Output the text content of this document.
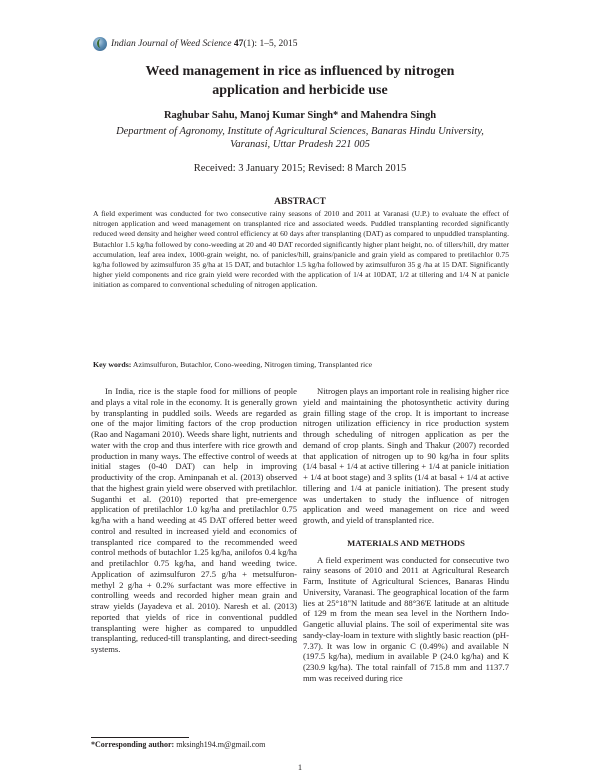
Indian Journal of Weed Science 47(1): 1–5, 2015
Weed management in rice as influenced by nitrogen
application and herbicide use

Raghubar Sahu, Manoj Kumar Singh* and Mahendra Singh

Department of Agronomy, Institute of Agricultural Sciences, Banaras Hindu University,
Varanasi, Uttar Pradesh 221 005

Received: 3 January 2015; Revised: 8 March 2015

ABSTRACT

A field experiment was conducted for two consecutive rainy seasons of 2010 and 2011 at Varanasi (U.P.) to evaluate the effect of nitrogen application and weed management on transplanted rice and associated weeds. Puddled transplanting recorded significantly reduced weed density and heigher weed control efficiency at 60 days after transplanting (DAT) as compared to unpuddled transplanting. Butachlor 1.5 kg/ha followed by cono-weeding at 20 and 40 DAT recorded significantly higher plant height, no. of tillers/hill, dry matter accumulation, leaf area index, 1000-grain weight, no. of panicles/hill, grains/panicle and grain yield as compared to pretilachlor 0.75 kg/ha followed by azimsulfuron 35 g/ha at 15 DAT, and butachlor 1.5 kg/ha followed by azimsulfuron 35 g /ha at 15 DAT. Significantly higher yield components and rice grain yield were recorded with the application of 1/4 at 10DAT, 1/2 at tillering and 1/4 N at panicle initiation as compared to conventional scheduling of nitrogen application.

Key words: Azimsulfuron, Butachlor, Cono-weeding, Nitrogen timing, Transplanted rice

In India, rice is the staple food for millions of people and plays a vital role in the economy. It is generally grown by transplanting in puddled soils. Weeds are regarded as one of the major limiting factors of the crop production (Rao and Nagamani 2010). Weeds share light, nutrients and water with the crop and thus interfere with rice growth and production in many ways. The effective control of weeds at initial stages (0-40 DAT) can help in improving productivity of the crop. Aminpanah et al. (2013) observed that the highest grain yield were observed with pretilachlor. Suganthi et al. (2010) reported that pre-emergence application of pretilachlor 1.0 kg/ha and pretilachlor 0.75 kg/ha with a hand weeding at 45 DAT offered better weed control and resulted in increased yield and economics of transplanted rice compared to the recommended weed control methods of butachlor 1.25 kg/ha, anilofos 0.4 kg/ha and pretilachlor 0.75 kg/ha, and hand weeding twice. Application of azimsulfuron 27.5 g/ha + metsulfuron-methyl 2 g/ha + 0.2% surfactant was more effective in controlling weeds and recorded higher mean grain and straw yields (Jayadeva et al. 2010). Naresh et al. (2013) reported that yields of rice in conventional puddled transplanting were higher as compared to unpuddled transplanting, reduced-till transplanting, and direct-seeding systems.

Nitrogen plays an important role in realising higher rice yield and maintaining the photosynthetic activity during grain filling stage of the crop. It is important to increase nitrogen utilization efficiency in rice production system through scheduling of nitrogen application as per the demand of crop plants. Singh and Thakur (2007) recorded that application of nitrogen up to 90 kg/ha in four splits (1/4 basal + 1/4 at active tillering + 1/4 at panicle initiation + 1/4 at boot stage) and 3 splits (1/4 at basal + 1/4 at active tillering and 1/4 at panicle initiation). The present study was undertaken to study the influence of nitrogen application and weed management on rice and weed growth, and yield of transplanted rice.

MATERIALS AND METHODS

A field experiment was conducted for consecutive two rainy seasons of 2010 and 2011 at Agricultural Research Farm, Institute of Agricultural Sciences, Banaras Hindu University, Varanasi. The geographical location of the farm lies at 25°18"N latitude and 88°36'E latitude at an altitude of 129 m from the mean sea level in the Northern Indo-Gangetic alluvial plains. The soil of experimental site was sandy-clay-loam in texture with slightly basic reaction (pH-7.37). It was low in organic C (0.49%) and available N (197.5 kg/ha), medium in available P (24.0 kg/ha) and K (230.9 kg/ha). The total rainfall of 715.8 mm and 1137.7 mm was received during rice

*Corresponding author: mksingh194.m@gmail.com

1
